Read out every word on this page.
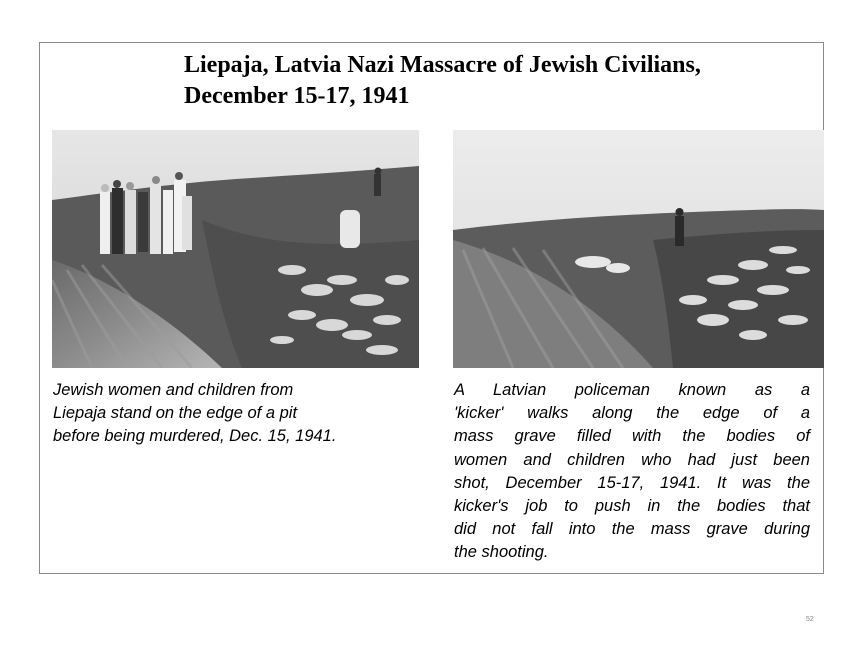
Liepaja, Latvia Nazi Massacre of Jewish Civilians,
December 15-17, 1941
Jewish women and children from
Liepaja stand on the edge of a pit
before being murdered, Dec. 15, 1941.
A Latvian policeman known as a
'kicker' walks along the edge of a
mass grave filled with the bodies of
women and children who had just been
shot, December 15-17, 1941. It was the
kicker's job to push in the bodies that
did not fall into the mass grave during
the shooting.
52
